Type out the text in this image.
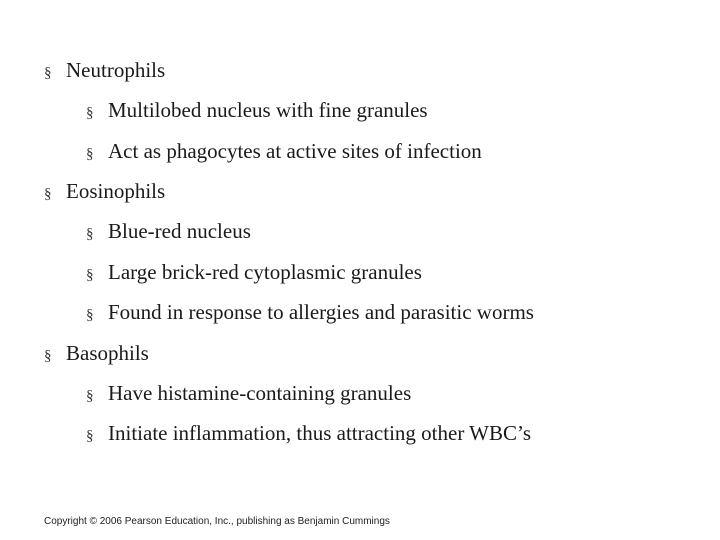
§ Neutrophils
§ Multilobed nucleus with fine granules
§ Act as phagocytes at active sites of infection
§ Eosinophils
§ Blue-red nucleus
§ Large brick-red cytoplasmic granules
§ Found in response to allergies and parasitic worms
§ Basophils
§ Have histamine-containing granules
§ Initiate inflammation, thus attracting other WBC’s
Copyright © 2006 Pearson Education, Inc., publishing as Benjamin Cummings
